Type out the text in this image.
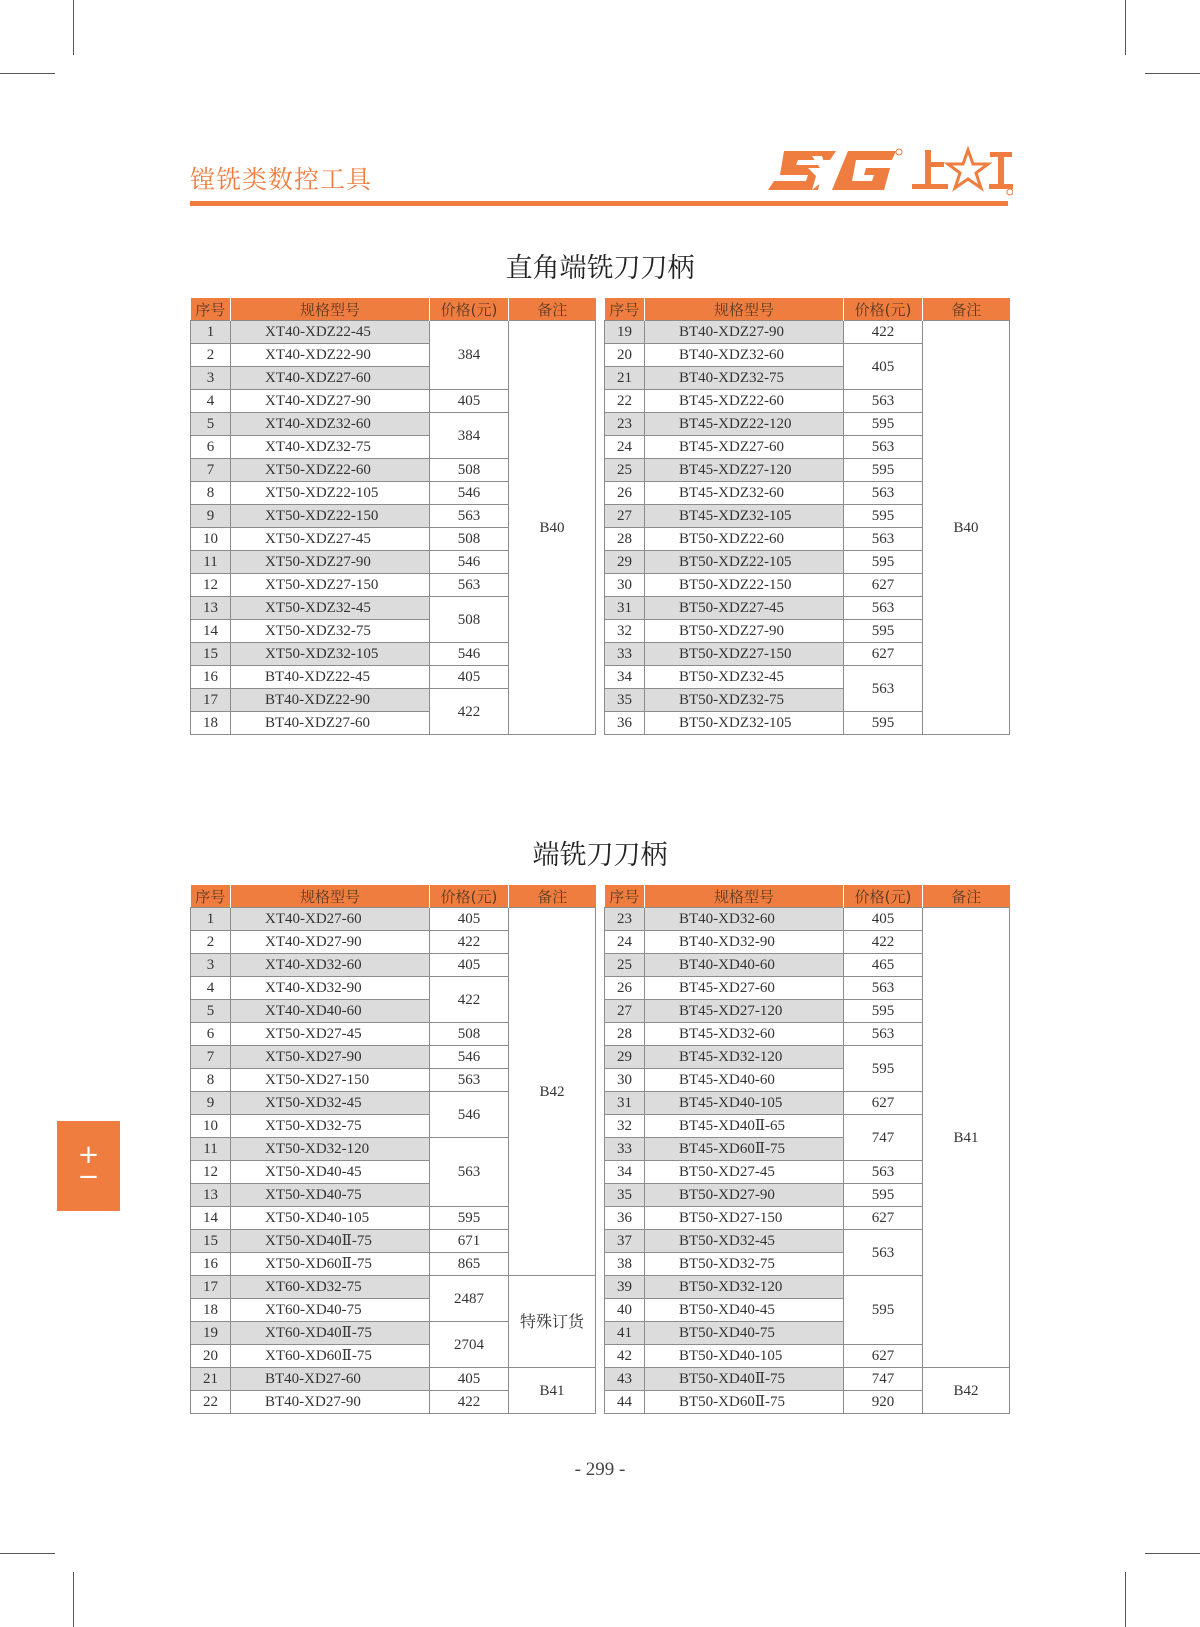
镗铣类数控工具
直角端铣刀刀柄
序号	规格型号	价格(元)	备注
1	XT40-XDZ22-45	384	B40
2	XT40-XDZ22-90		
3	XT40-XDZ27-60		
4	XT40-XDZ27-90	405	
5	XT40-XDZ32-60	384	
6	XT40-XDZ32-75		
7	XT50-XDZ22-60	508	
8	XT50-XDZ22-105	546	
9	XT50-XDZ22-150	563	
10	XT50-XDZ27-45	508	
11	XT50-XDZ27-90	546	
12	XT50-XDZ27-150	563	
13	XT50-XDZ32-45	508	
14	XT50-XDZ32-75		
15	XT50-XDZ32-105	546	
16	BT40-XDZ22-45	405	
17	BT40-XDZ22-90	422	
18	BT40-XDZ27-60		
序号	规格型号	价格(元)	备注
19	BT40-XDZ27-90	422	B40
20	BT40-XDZ32-60	405	
21	BT40-XDZ32-75		
22	BT45-XDZ22-60	563	
23	BT45-XDZ22-120	595	
24	BT45-XDZ27-60	563	
25	BT45-XDZ27-120	595	
26	BT45-XDZ32-60	563	
27	BT45-XDZ32-105	595	
28	BT50-XDZ22-60	563	
29	BT50-XDZ22-105	595	
30	BT50-XDZ22-150	627	
31	BT50-XDZ27-45	563	
32	BT50-XDZ27-90	595	
33	BT50-XDZ27-150	627	
34	BT50-XDZ32-45	563	
35	BT50-XDZ32-75		
36	BT50-XDZ32-105	595	
端铣刀刀柄
序号	规格型号	价格(元)	备注
1	XT40-XD27-60	405	B42
2	XT40-XD27-90	422	
3	XT40-XD32-60	405	
4	XT40-XD32-90	422	
5	XT40-XD40-60		
6	XT50-XD27-45	508	
7	XT50-XD27-90	546	
8	XT50-XD27-150	563	
9	XT50-XD32-45	546	
10	XT50-XD32-75		
11	XT50-XD32-120	563	
12	XT50-XD40-45		
13	XT50-XD40-75		
14	XT50-XD40-105	595	
15	XT50-XD40Ⅱ-75	671	
16	XT50-XD60Ⅱ-75	865	
17	XT60-XD32-75	2487	特殊订货
18	XT60-XD40-75		
19	XT60-XD40Ⅱ-75	2704	
20	XT60-XD60Ⅱ-75		
21	BT40-XD27-60	405	B41
22	BT40-XD27-90	422	
序号	规格型号	价格(元)	备注
23	BT40-XD32-60	405	B41
24	BT40-XD32-90	422	
25	BT40-XD40-60	465	
26	BT45-XD27-60	563	
27	BT45-XD27-120	595	
28	BT45-XD32-60	563	
29	BT45-XD32-120	595	
30	BT45-XD40-60		
31	BT45-XD40-105	627	
32	BT45-XD40Ⅱ-65	747	
33	BT45-XD60Ⅱ-75		
34	BT50-XD27-45	563	
35	BT50-XD27-90	595	
36	BT50-XD27-150	627	
37	BT50-XD32-45	563	
38	BT50-XD32-75		
39	BT50-XD32-120	595	
40	BT50-XD40-45		
41	BT50-XD40-75		
42	BT50-XD40-105	627	
43	BT50-XD40Ⅱ-75	747	B42
44	BT50-XD60Ⅱ-75	920	
+
−
- 299 -
